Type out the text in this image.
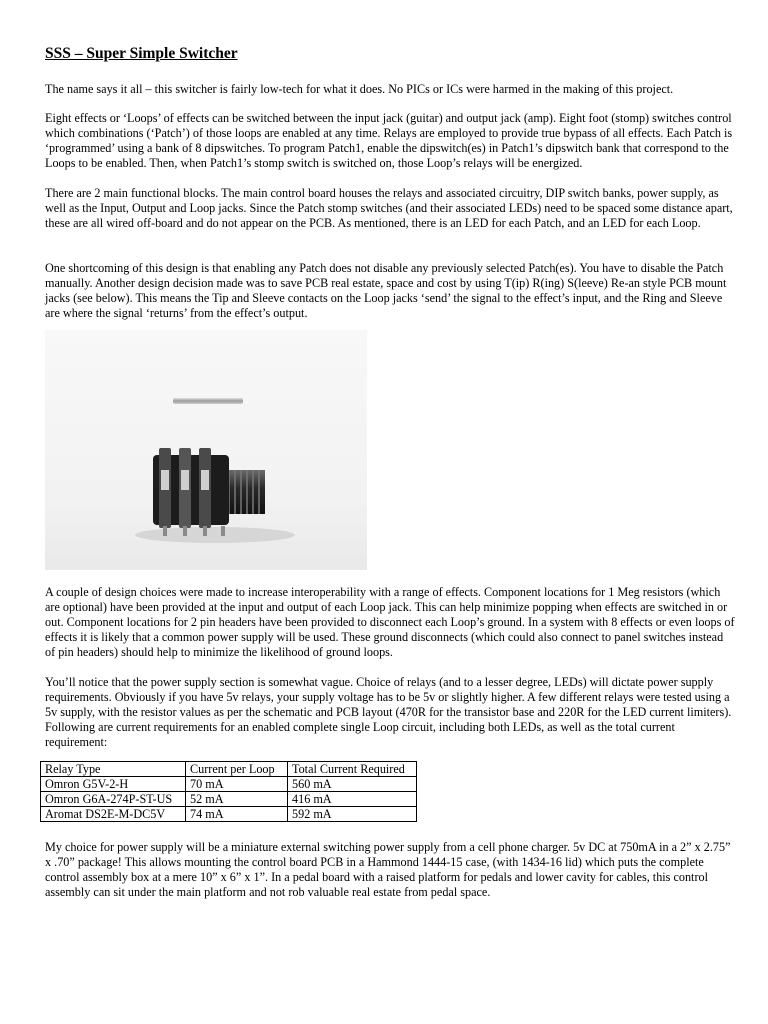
SSS – Super Simple Switcher

The name says it all – this switcher is fairly low-tech for what it does. No PICs or ICs were harmed in the making of this project.

Eight effects or ‘Loops’ of effects can be switched between the input jack (guitar) and output jack (amp). Eight foot (stomp) switches control which combinations (‘Patch’) of those loops are enabled at any time. Relays are employed to provide true bypass of all effects. Each Patch is ‘programmed’ using a bank of 8 dipswitches. To program Patch1, enable the dipswitch(es) in Patch1’s dipswitch bank that correspond to the Loops to be enabled. Then, when Patch1’s stomp switch is switched on, those Loop’s relays will be energized.

There are 2 main functional blocks. The main control board houses the relays and associated circuitry, DIP switch banks, power supply, as well as the Input, Output and Loop jacks. Since the Patch stomp switches (and their associated LEDs) need to be spaced some distance apart, these are all wired off-board and do not appear on the PCB. As mentioned, there is an LED for each Patch, and an LED for each Loop.

One shortcoming of this design is that enabling any Patch does not disable any previously selected Patch(es). You have to disable the Patch manually. Another design decision made was to save PCB real estate, space and cost by using T(ip) R(ing) S(leeve) Re-an style PCB mount jacks (see below). This means the Tip and Sleeve contacts on the Loop jacks ‘send’ the signal to the effect’s input, and the Ring and Sleeve are where the signal ‘returns’ from the effect’s output.

A couple of design choices were made to increase interoperability with a range of effects. Component locations for 1 Meg resistors (which are optional) have been provided at the input and output of each Loop jack. This can help minimize popping when effects are switched in or out. Component locations for 2 pin headers have been provided to disconnect each Loop’s ground. In a system with 8 effects or even loops of effects it is likely that a common power supply will be used. These ground disconnects (which could also connect to panel switches instead of pin headers) should help to minimize the likelihood of ground loops.

You’ll notice that the power supply section is somewhat vague. Choice of relays (and to a lesser degree, LEDs) will dictate power supply requirements. Obviously if you have 5v relays, your supply voltage has to be 5v or slightly higher. A few different relays were tested using a 5v supply, with the resistor values as per the schematic and PCB layout (470R for the transistor base and 220R for the LED current limiters). Following are current requirements for an enabled complete single Loop circuit, including both LEDs, as well as the total current requirement:

Relay Type	Current per Loop	Total Current Required
Omron G5V-2-H	70 mA	560 mA
Omron G6A-274P-ST-US	52 mA	416 mA
Aromat DS2E-M-DC5V	74 mA	592 mA

My choice for power supply will be a miniature external switching power supply from a cell phone charger. 5v DC at 750mA in a 2” x 2.75” x .70” package! This allows mounting the control board PCB in a Hammond 1444-15 case, (with 1434-16 lid) which puts the complete control assembly box at a mere 10” x 6” x 1”. In a pedal board with a raised platform for pedals and lower cavity for cables, this control assembly can sit under the main platform and not rob valuable real estate from pedal space.
